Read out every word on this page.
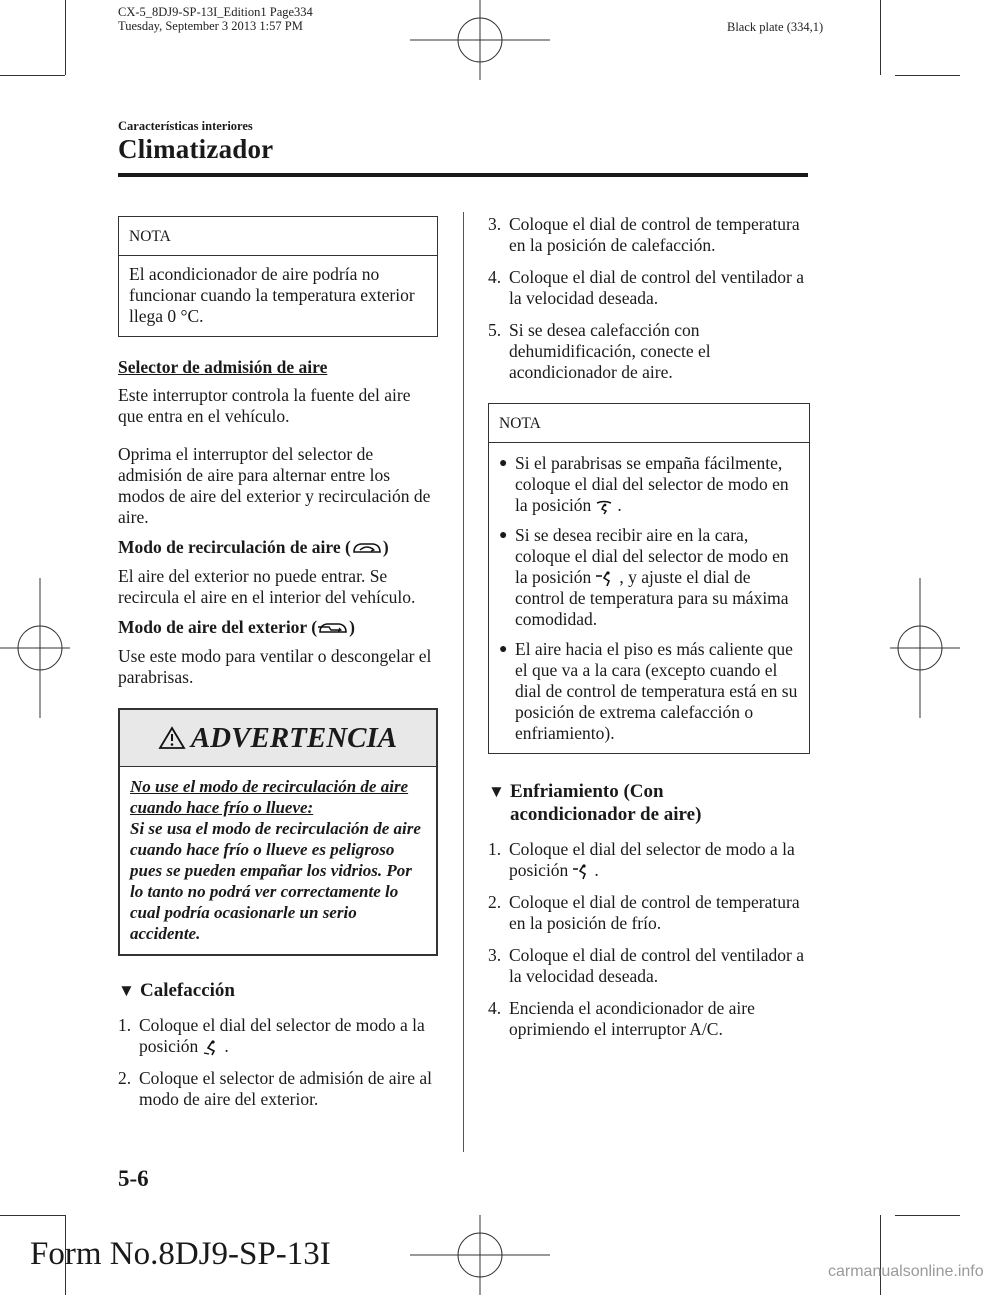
CX-5_8DJ9-SP-13I_Edition1 Page334
Tuesday, September 3 2013 1:57 PM	Black plate (334,1)
Características interiores
Climatizador
NOTA

El acondicionador de aire podría no funcionar cuando la temperatura exterior llega 0 °C.

Selector de admisión de aire

Este interruptor controla la fuente del aire que entra en el vehículo.

Oprima el interruptor del selector de admisión de aire para alternar entre los modos de aire del exterior y recirculación de aire.

Modo de recirculación de aire ( )

El aire del exterior no puede entrar. Se recircula el aire en el interior del vehículo.

Modo de aire del exterior ( )

Use este modo para ventilar o descongelar el parabrisas.

ADVERTENCIA

No use el modo de recirculación de aire cuando hace frío o llueve:

Si se usa el modo de recirculación de aire cuando hace frío o llueve es peligroso pues se pueden empañar los vidrios. Por lo tanto no podrá ver correctamente lo cual podría ocasionarle un serio accidente.

▼ Calefacción
1. Coloque el dial del selector de modo a la posición .
2. Coloque el selector de admisión de aire al modo de aire del exterior.
3. Coloque el dial de control de temperatura en la posición de calefacción.
4. Coloque el dial de control del ventilador a la velocidad deseada.
5. Si se desea calefacción con dehumidificación, conecte el acondicionador de aire.
NOTA
● Si el parabrisas se empaña fácilmente, coloque el dial del selector de modo en la posición .
● Si se desea recibir aire en la cara, coloque el dial del selector de modo en la posición , y ajuste el dial de control de temperatura para su máxima comodidad.
● El aire hacia el piso es más caliente que el que va a la cara (excepto cuando el dial de control de temperatura está en su posición de extrema calefacción o enfriamiento).
▼ Enfriamiento (Con
acondicionador de aire)
1. Coloque el dial del selector de modo a la posición .
2. Coloque el dial de control de temperatura en la posición de frío.
3. Coloque el dial de control del ventilador a la velocidad deseada.
4. Encienda el acondicionador de aire oprimiendo el interruptor A/C.
5-6
Form No.8DJ9-SP-13I	carmanualsonline.info
